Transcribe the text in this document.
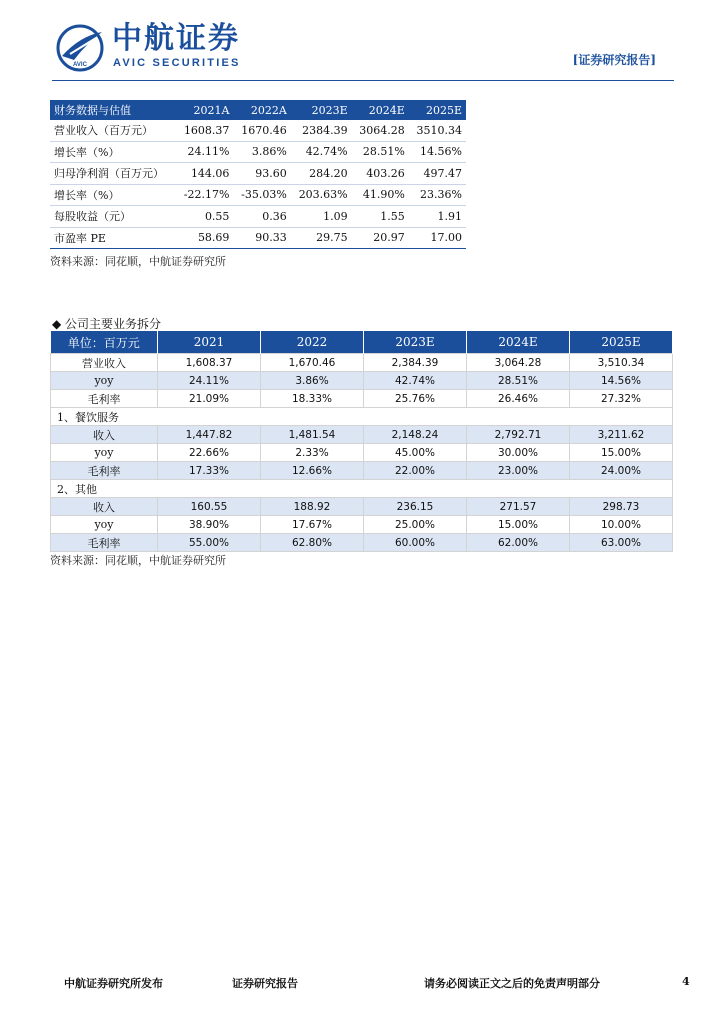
AVIC
中航证券
AVIC SECURITIES	[证券研究报告]
财务数据与估值	2021A	2022A	2023E	2024E	2025E
营业收入（百万元）	1608.37	1670.46	2384.39	3064.28	3510.34
增长率（%）	24.11%	3.86%	42.74%	28.51%	14.56%
归母净利润（百万元）	144.06	93.60	284.20	403.26	497.47
增长率（%）	-22.17%	-35.03%	203.63%	41.90%	23.36%
每股收益（元）	0.55	0.36	1.09	1.55	1.91
市盈率 PE	58.69	90.33	29.75	20.97	17.00
资料来源：同花顺，中航证券研究所
◆ 公司主要业务拆分
单位：百万元	2021	2022	2023E	2024E	2025E
营业收入	1,608.37	1,670.46	2,384.39	3,064.28	3,510.34
yoy	24.11%	3.86%	42.74%	28.51%	14.56%
毛利率	21.09%	18.33%	25.76%	26.46%	27.32%
1、餐饮服务					
收入	1,447.82	1,481.54	2,148.24	2,792.71	3,211.62
yoy	22.66%	2.33%	45.00%	30.00%	15.00%
毛利率	17.33%	12.66%	22.00%	23.00%	24.00%
2、其他					
收入	160.55	188.92	236.15	271.57	298.73
yoy	38.90%	17.67%	25.00%	15.00%	10.00%
毛利率	55.00%	62.80%	60.00%	62.00%	63.00%
资料来源：同花顺，中航证券研究所
中航证券研究所发布	证券研究报告	请务必阅读正文之后的免责声明部分	4
